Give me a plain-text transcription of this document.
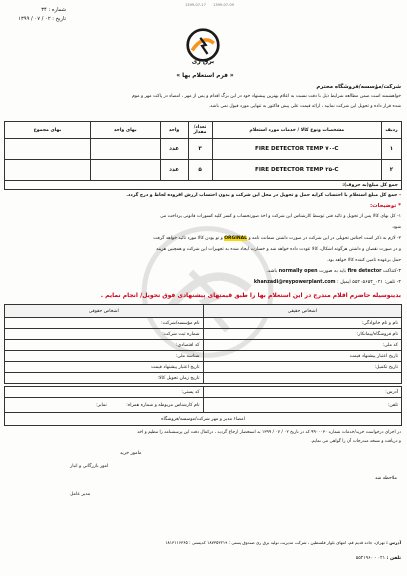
1399-07-17 1399-07-09
شماره : ۳۴
تاریخ : ۰۲ / ۰۷ / ۱۳۹۹
برق ری
« فرم استعلام بها »
شرکت/مؤسسه/فروشگاه محترم
خواهشمند است ضمن مطالعه شرایط ذیل با دقت نسبت به اعلام بهترین پیشنهاد خود در این برگ اقدام و پس از مهر ، امضاء در پاکت مهر و موم
شده قرار داده و تحویل این شرکت نمایید ، ارائه قیمت علی پیش فاکتور به تنهایی مورد قبول نمی باشد.
ردیف	مشخصات ونوع کالا / خدمات مورد استعلام	تعداد/ مقدار	واحد	بهای واحد	بهای مجموع
۱	FIRE DETECTOR TEMP ۷۰-C	۳	عدد		
۲	FIRE DETECTOR TEMP ۲۵-C	۵	عدد		
جمع کل مبلغ(به حروف):					
- جمع کل مبلغ استعلام با احتساب کرایه حمل و تحویل در محل این شرکت و بدون احتساب ارزش افزوده لحاظ و درج گردد.
* توضیحات:
۱- کل بهای کالا پس از تحویل و تائید فنی توسط کارشناس این شرکت و اخذ صورتحساب و کسر کلیه کسورات قانونی پرداخت می
شود.
۲- لازم به ذکر است اجناس تحویلی در این شرکت در صورت داشتن ضمانت نامه و ORGINAL و نو بودن کالا مورد تائید خواهد گرفت
و در صورت نقصان و داشتن هرگونه اشکال، کالا عودت داده خواهد شد و خسارت ایجاد شده به تجهیزات این شرکت و همچنین هزینه
حمل برعهده تامین کننده کالا خواهد بود.
۳-کنتاکت fire detector باید به صورت normally open باشد.
۴- تلفن: ۰۲۱_۵۵۲۰۵۶۵۴ ایمیل : khanzadi@reypowerplant.com
بدینوسیله حاضرم اقلام مندرج در این استعلام بها را طبق قیمتهای پیشنهادی فوق تحویل/ انجام نمایم .
اشخاص حقیقی	اشخاص حقوقی
نام و نام خانوادگی:	نام مؤسسه/شرکت:
نام فروشگاه/پیمانکار:	شماره ثبت شرکت:
کد ملی:	کد اقتصادی:
تاریخ اعتبار پیشنهاد قیمت	شناسه ملی:
تاریخ تکمیل:	تاریخ اعتبار پیشنهاد قیمت
	تاریخ زمان تحویل کالا:
آدرس:	کد پستی:
تلفن:	نام کارشناس مربوطه و شماره همراه: نمابر:
امضاء مدیر و مهر شرکت/موسسه/فروشگاه	
در اجرای درخواست خرید/خدمات شماره ۹۹۰۰۰۳۰ که در تاریخ ۰۲ / ۰۷ / ۱۳۹۹ به استحضار ارجاع گردید ، درکمال دقت این پرسشنامه را تنظیم و اخذ
و دریافت و نسخه مندرجات آن را گواهی می نمایم.
مامور خرید
امور بازرگانی و انبار
ملاحظه شد
مدیر عامل
آدرس : تهران، جاده قدیم قم، انتهای بلوار فلسطین ، شرکت مدیریت تولید برق ری صندوق پستی : ۱۸۷۳۵۳۲۱۹ کدپستی : ۱۸۱۳۱۱۶۳۶۵
تلفن : ۰۲۱ - ۵۵۲۱۹۶۰
